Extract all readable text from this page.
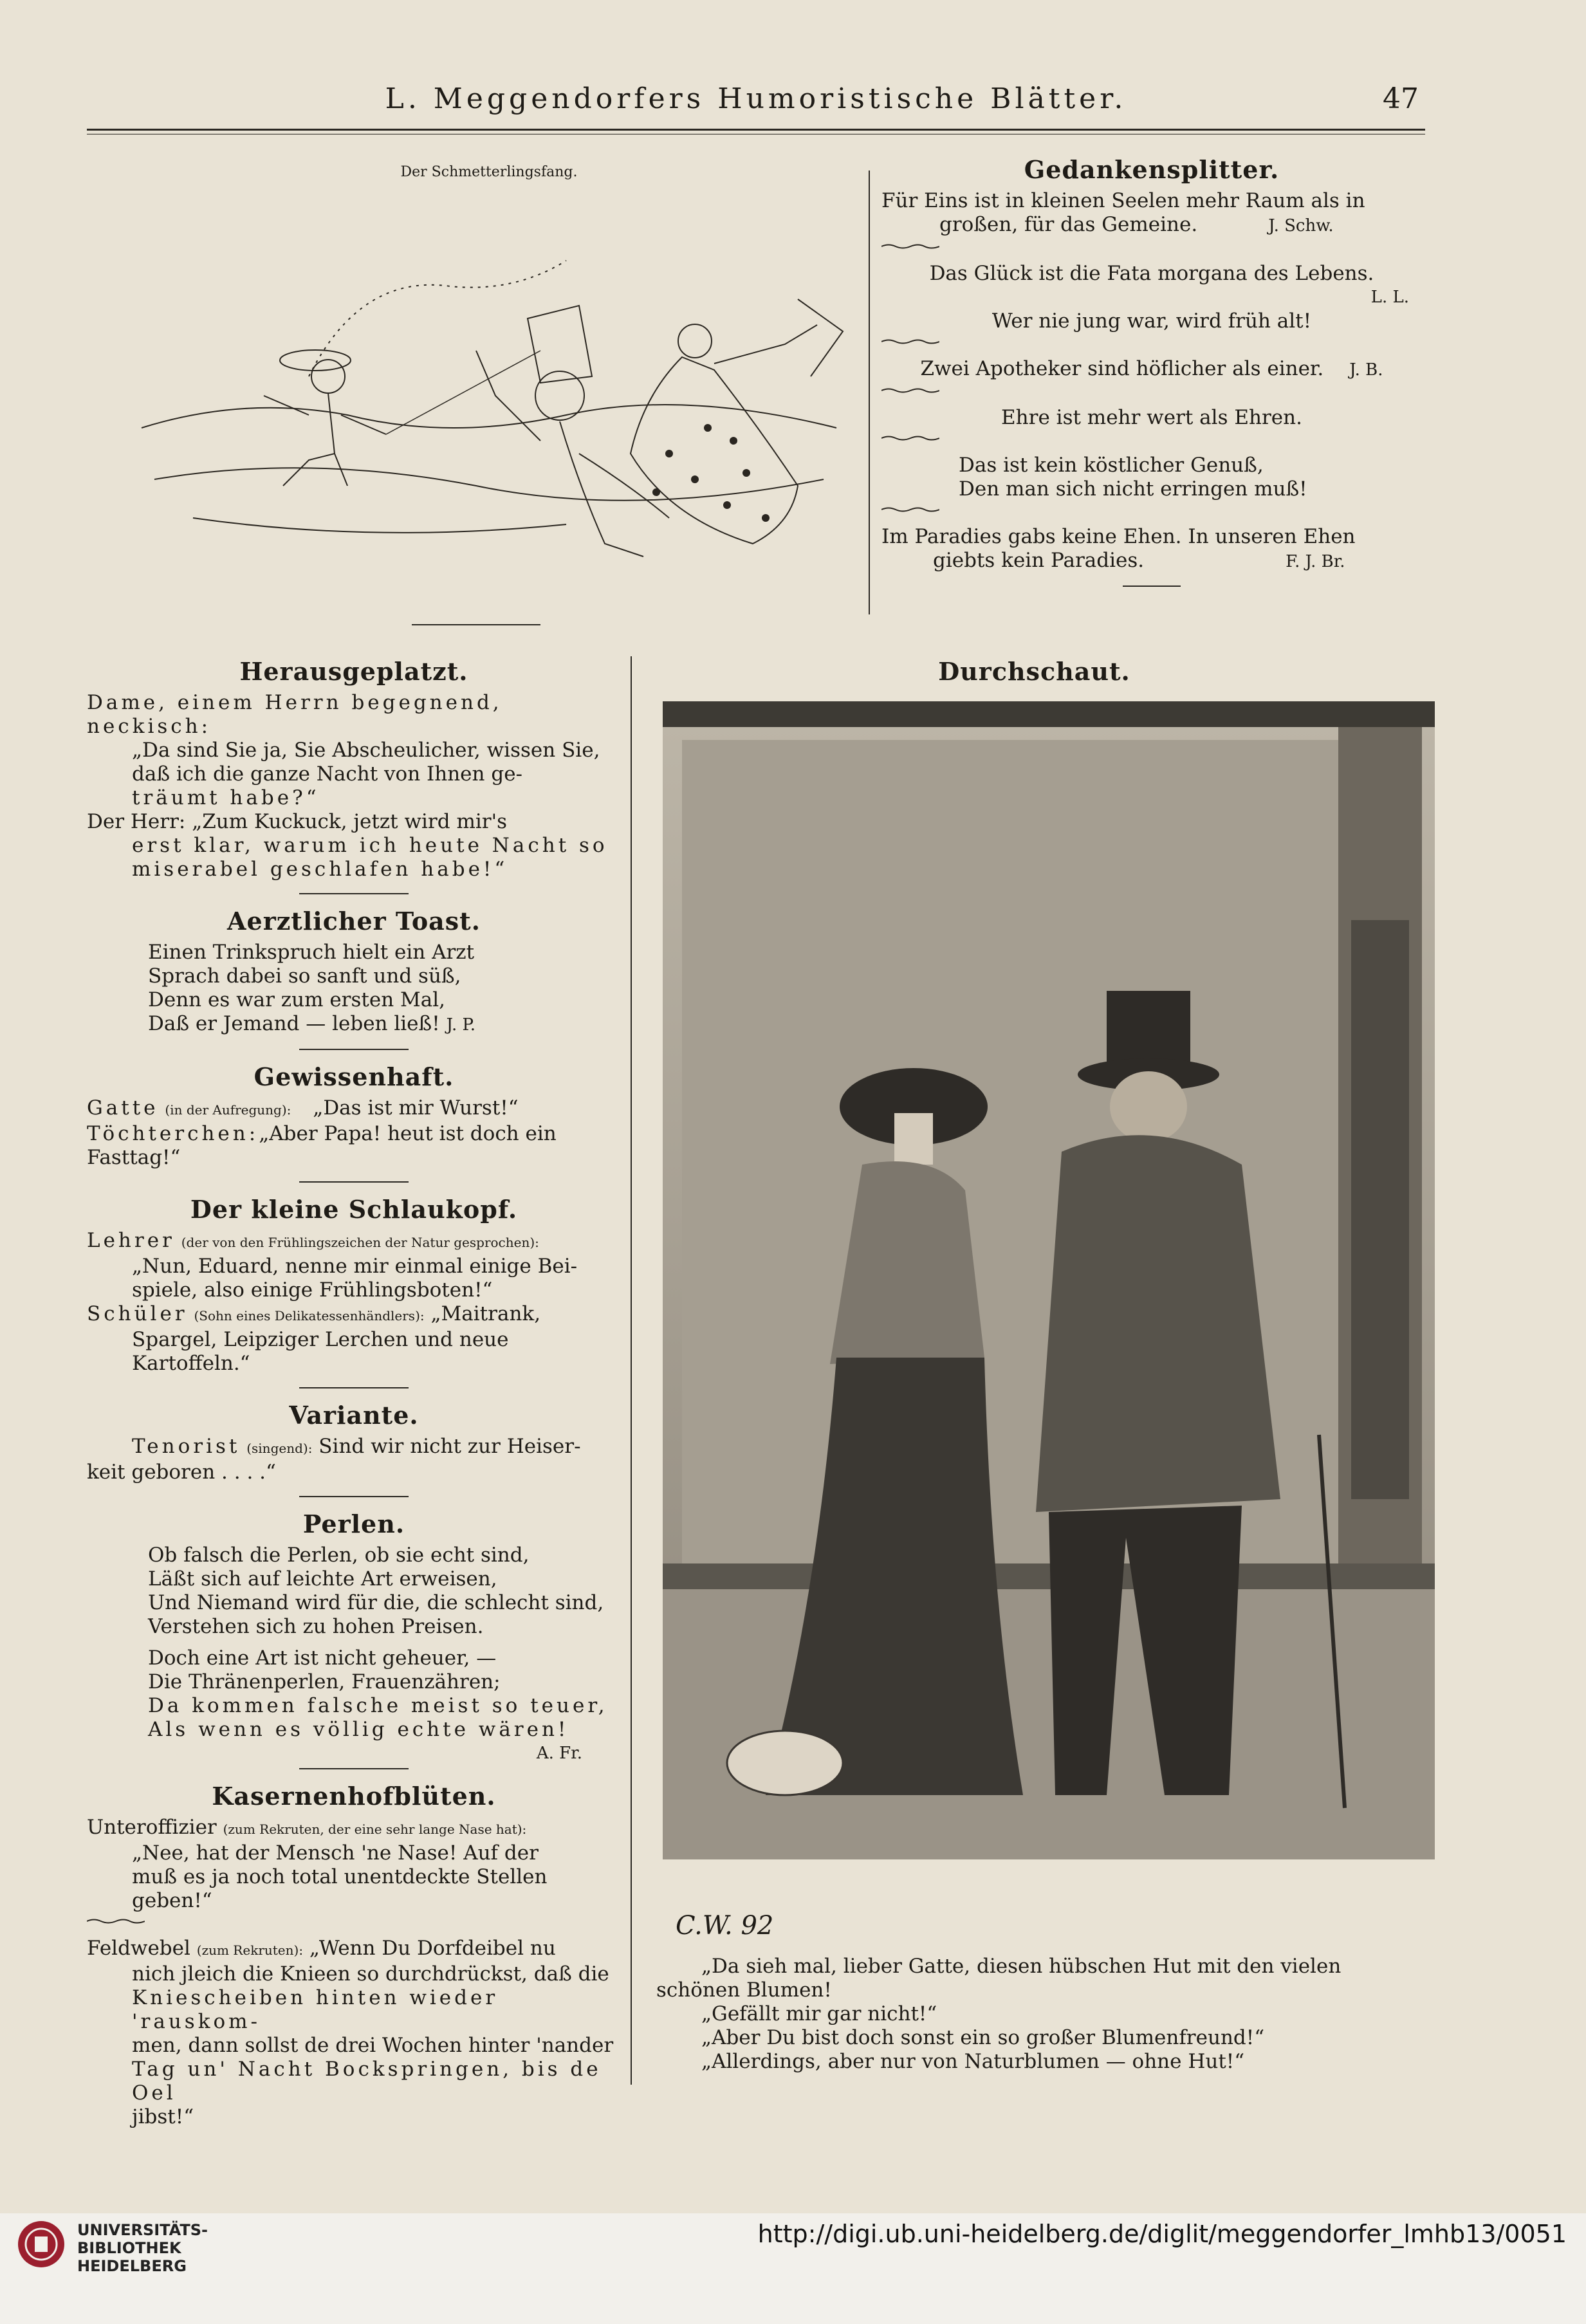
L. Meggendorfers Humoristische Blätter.	47
Der Schmetterlingsfang.	Gedankensplitter.

Für Eins ist in kleinen Seelen mehr Raum als in

großen, für das Gemeine.	J. Schw.

Das Glück ist die Fata morgana des Lebens.

L. L.

Wer nie jung war, wird früh alt!

Zwei Apotheker sind höflicher als einer. J. B.

Ehre ist mehr wert als Ehren.

Das ist kein köstlicher Genuß,

Den man sich nicht erringen muß!

Im Paradies gabs keine Ehen. In unseren Ehen

giebts kein Paradies.	F. J. Br.

Herausgeplatzt.

Dame, einem Herrn begegnend, neckisch:

„Da sind Sie ja, Sie Abscheulicher, wissen Sie,

daß ich die ganze Nacht von Ihnen ge-

träumt habe?“

Der Herr: „Zum Kuckuck, jetzt wird mir's

erst klar, warum ich heute Nacht so

miserabel geschlafen habe!“

Aerztlicher Toast.

Einen Trinkspruch hielt ein Arzt

Sprach dabei so sanft und süß,

Denn es war zum ersten Mal,

Daß er Jemand — leben ließ! J. P.

Gewissenhaft.

Gatte (in der Aufregung): „Das ist mir Wurst!“

Töchterchen:„Aber Papa! heut ist doch ein Fasttag!“

Der kleine Schlaukopf.

Lehrer (der von den Frühlingszeichen der Natur gesprochen):

„Nun, Eduard, nenne mir einmal einige Bei-

spiele, also einige Frühlingsboten!“

Schüler (Sohn eines Delikatessenhändlers): „Maitrank,

Spargel, Leipziger Lerchen und neue Kartoffeln.“

Variante.

Tenorist (singend): Sind wir nicht zur Heiser-

keit geboren . . . .“

Perlen.

Ob falsch die Perlen, ob sie echt sind,

Läßt sich auf leichte Art erweisen,

Und Niemand wird für die, die schlecht sind,

Verstehen sich zu hohen Preisen.

Doch eine Art ist nicht geheuer, —

Die Thränenperlen, Frauenzähren;

Da kommen falsche meist so teuer,

Als wenn es völlig echte wären!

A. Fr.

Kasernenhofblüten.

Unteroffizier (zum Rekruten, der eine sehr lange Nase hat):

„Nee, hat der Mensch 'ne Nase! Auf der

muß es ja noch total unentdeckte Stellen

geben!“

Feldwebel (zum Rekruten): „Wenn Du Dorfdeibel nu

nich jleich die Knieen so durchdrückst, daß die

Kniescheiben hinten wieder 'rauskom-

men, dann sollst de drei Wochen hinter 'nander

Tag un' Nacht Bockspringen, bis de Oel

jibst!“

Durchschaut.
C.W. 92

„Da sieh mal, lieber Gatte, diesen hübschen Hut mit den vielen

schönen Blumen!

„Gefällt mir gar nicht!“

„Aber Du bist doch sonst ein so großer Blumenfreund!“

„Allerdings, aber nur von Naturblumen — ohne Hut!“

UNIVERSITÄTS-
BIBLIOTHEK
HEIDELBERG
http://digi.ub.uni-heidelberg.de/diglit/meggendorfer_lmhb13/0051
